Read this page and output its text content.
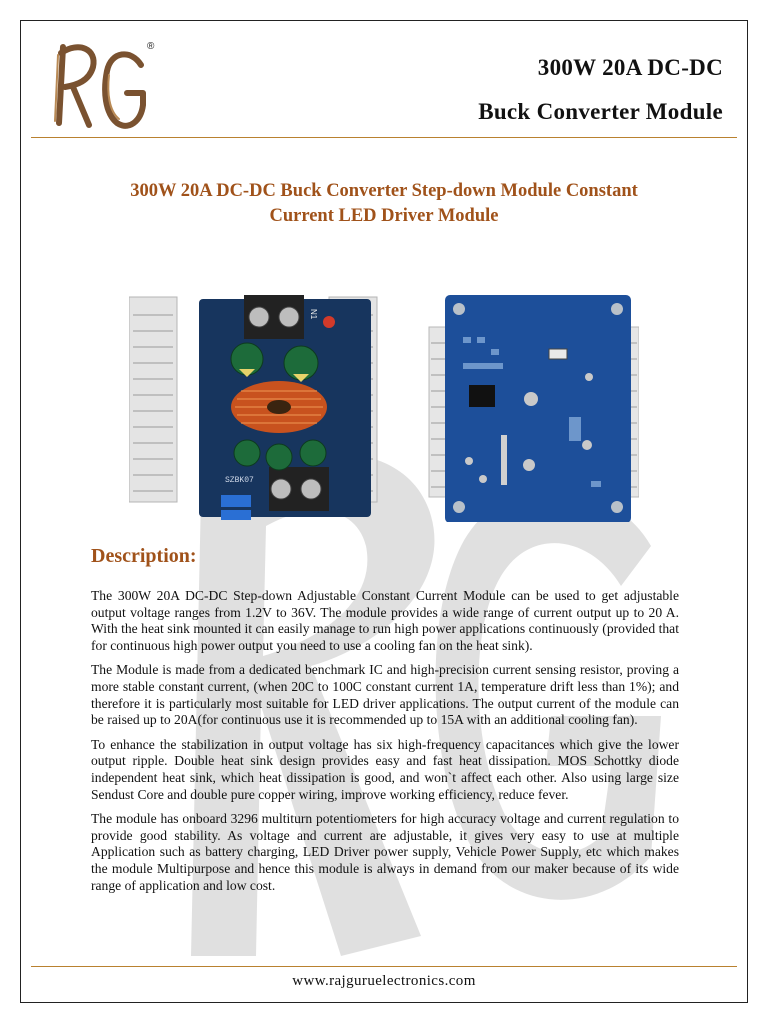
®
300W 20A DC-DC
Buck Converter Module
300W 20A DC-DC Buck Converter Step-down Module Constant
Current LED Driver Module
N1
SZBK07
Description:

The 300W 20A DC-DC Step-down Adjustable Constant Current Module can be used to get adjustable output voltage ranges from 1.2V to 36V. The module provides a wide range of current output up to 20 A. With the heat sink mounted it can easily manage to run high power applications continuously (provided that for continuous high power output you need to use a cooling fan on the heat sink).

The Module is made from a dedicated benchmark IC and high-precision current sensing resistor, proving a more stable constant current, (when 20C to 100C constant current 1A, temperature drift less than 1%); and therefore it is particularly most suitable for LED driver applications. The output current of the module can be raised up to 20A(for continuous use it is recommended up to 15A with an additional cooling fan).

To enhance the stabilization in output voltage has six high-frequency capacitances which give the lower output ripple. Double heat sink design provides easy and fast heat dissipation. MOS Schottky diode independent heat sink, which heat dissipation is good, and won`t affect each other. Also using large size Sendust Core and double pure copper wiring, improve working efficiency, reduce fever.

The module has onboard 3296 multiturn potentiometers for high accuracy voltage and current regulation to provide good stability. As voltage and current are adjustable, it gives very easy to use at multiple Application such as battery charging, LED Driver power supply, Vehicle Power Supply, etc which makes the module Multipurpose and hence this module is always in demand from our maker because of its wide range of application and low cost.

www.rajguruelectronics.com
